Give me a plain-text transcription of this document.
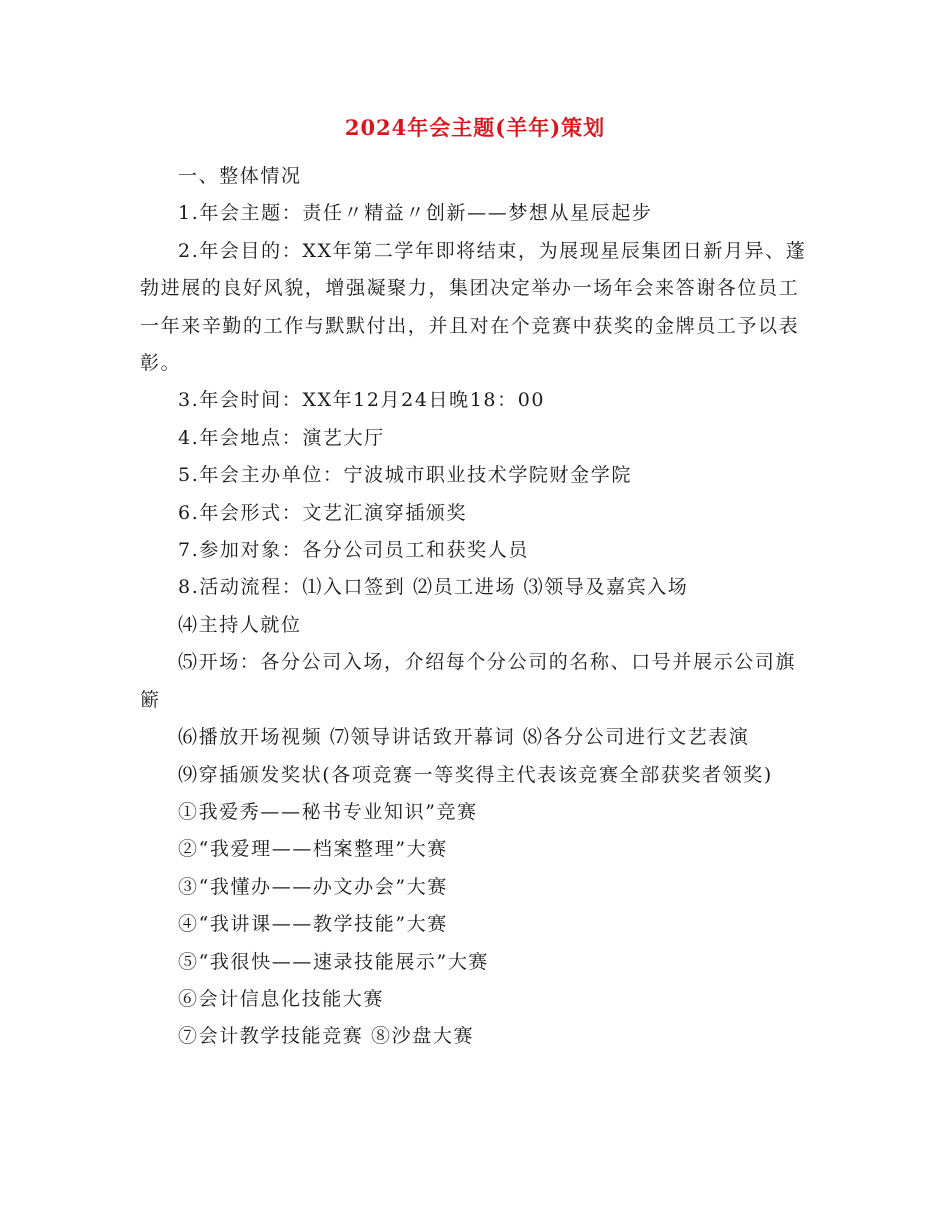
2024年会主题(羊年)策划

一、整体情况

1.年会主题：责任〃精益〃创新——梦想从星辰起步

2.年会目的：XX年第二学年即将结束，为展现星辰集团日新月异、蓬勃进展的良好风貌，增强凝聚力，集团决定举办一场年会来答谢各位员工一年来辛勤的工作与默默付出，并且对在个竞赛中获奖的金牌员工予以表彰。

3.年会时间：XX年12月24日晚18：00

4.年会地点：演艺大厅

5.年会主办单位：宁波城市职业技术学院财金学院

6.年会形式：文艺汇演穿插颁奖

7.参加对象：各分公司员工和获奖人员

8.活动流程：⑴入口签到 ⑵员工进场 ⑶领导及嘉宾入场

⑷主持人就位

⑸开场：各分公司入场，介绍每个分公司的名称、口号并展示公司旗簖

⑹播放开场视频 ⑺领导讲话致开幕词 ⑻各分公司进行文艺表演

⑼穿插颁发奖状(各项竞赛一等奖得主代表该竞赛全部获奖者领奖)

①我爱秀——秘书专业知识”竞赛

②“我爱理——档案整理”大赛

③“我懂办——办文办会”大赛

④“我讲课——教学技能”大赛

⑤“我很快——速录技能展示”大赛

⑥会计信息化技能大赛

⑦会计教学技能竞赛 ⑧沙盘大赛
